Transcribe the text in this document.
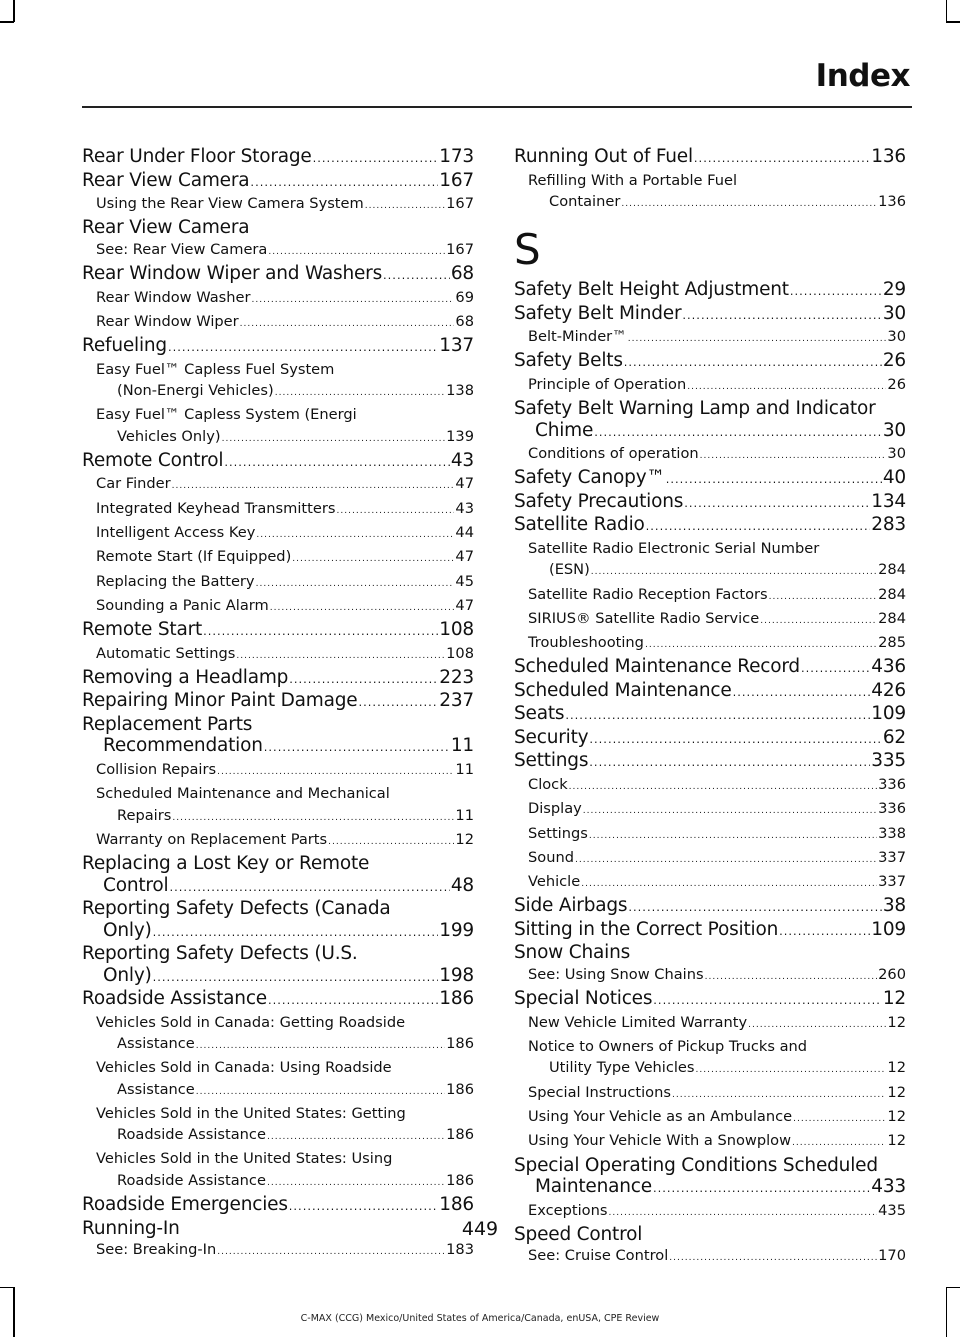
Index
Rear Under Floor Storage .....	173
Rear View Camera .....	167
Using the Rear View Camera System .....	167
Rear View Camera
See: Rear View Camera .....	167
Rear Window Wiper and Washers .....	68
Rear Window Washer .....	69
Rear Window Wiper .....	68
Refueling .....	137
Easy Fuel™ Capless Fuel System
(Non-Energi Vehicles) .....	138
Easy Fuel™ Capless System (Energi
Vehicles Only) .....	139
Remote Control .....	43
Car Finder .....	47
Integrated Keyhead Transmitters .....	43
Intelligent Access Key .....	44
Remote Start (If Equipped) .....	47
Replacing the Battery .....	45
Sounding a Panic Alarm .....	47
Remote Start .....	108
Automatic Settings .....	108
Removing a Headlamp .....	223
Repairing Minor Paint Damage .....	237
Replacement Parts
Recommendation .....	11
Collision Repairs .....	11
Scheduled Maintenance and Mechanical
Repairs .....	11
Warranty on Replacement Parts .....	12
Replacing a Lost Key or Remote
Control .....	48
Reporting Safety Defects (Canada
Only) .....	199
Reporting Safety Defects (U.S.
Only) .....	198
Roadside Assistance .....	186
Vehicles Sold in Canada: Getting Roadside
Assistance .....	186
Vehicles Sold in Canada: Using Roadside
Assistance .....	186
Vehicles Sold in the United States: Getting
Roadside Assistance .....	186
Vehicles Sold in the United States: Using
Roadside Assistance .....	186
Roadside Emergencies .....	186
Running-In
See: Breaking-In .....	183
Running Out of Fuel .....	136
Refilling With a Portable Fuel
Container .....	136
S
Safety Belt Height Adjustment .....	29
Safety Belt Minder .....	30
Belt-Minder™ .....	30
Safety Belts .....	26
Principle of Operation .....	26
Safety Belt Warning Lamp and Indicator
Chime .....	30
Conditions of operation .....	30
Safety Canopy™ .....	40
Safety Precautions .....	134
Satellite Radio .....	283
Satellite Radio Electronic Serial Number
(ESN) .....	284
Satellite Radio Reception Factors .....	284
SIRIUS® Satellite Radio Service .....	284
Troubleshooting .....	285
Scheduled Maintenance Record .....	436
Scheduled Maintenance .....	426
Seats .....	109
Security .....	62
Settings .....	335
Clock .....	336
Display .....	336
Settings .....	338
Sound .....	337
Vehicle .....	337
Side Airbags .....	38
Sitting in the Correct Position .....	109
Snow Chains
See: Using Snow Chains .....	260
Special Notices .....	12
New Vehicle Limited Warranty .....	12
Notice to Owners of Pickup Trucks and
Utility Type Vehicles .....	12
Special Instructions .....	12
Using Your Vehicle as an Ambulance .....	12
Using Your Vehicle With a Snowplow .....	12
Special Operating Conditions Scheduled
Maintenance .....	433
Exceptions .....	435
Speed Control
See: Cruise Control .....	170
449
C-MAX (CCG) Mexico/United States of America/Canada, enUSA, CPE Review
